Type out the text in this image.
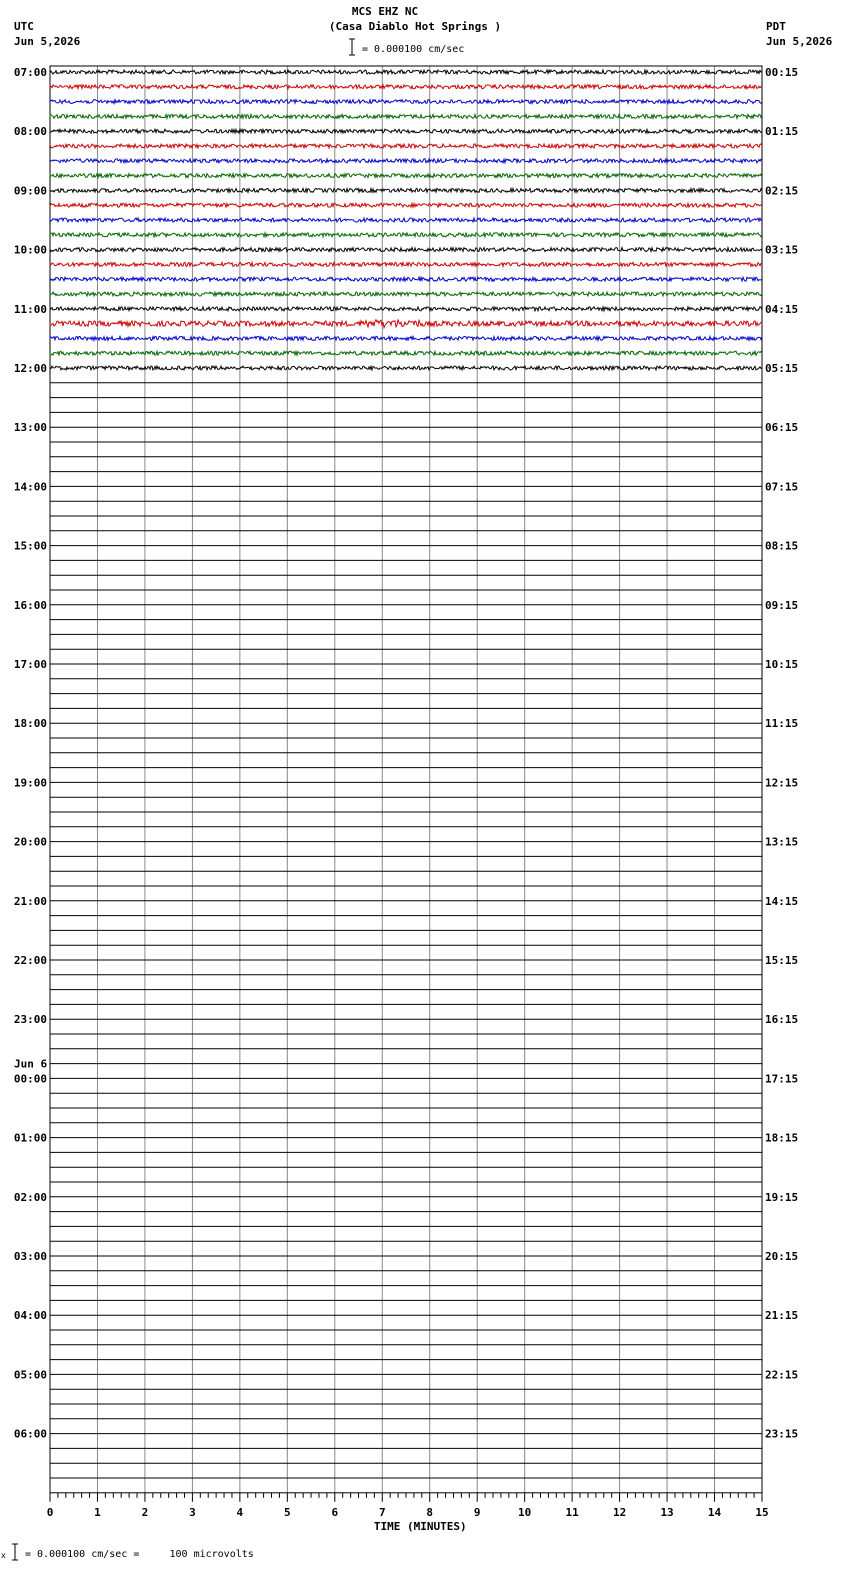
MCS EHZ NC
(Casa Diablo Hot Springs )
UTC
Jun 5,2026
PDT
Jun 5,2026
= 0.000100 cm/sec
07:00
08:00
09:00
10:00
11:00
12:00
13:00
14:00
15:00
16:00
17:00
18:00
19:00
20:00
21:00
22:00
23:00
00:00
01:00
02:00
03:00
04:00
05:00
06:00
00:15
01:15
02:15
03:15
04:15
05:15
06:15
07:15
08:15
09:15
10:15
11:15
12:15
13:15
14:15
15:15
16:15
17:15
18:15
19:15
20:15
21:15
22:15
23:15
Jun 6
0	1	2	3	4	5	6	7	8	9	10	11	12	13	14	15
TIME (MINUTES)
x = 0.000100 cm/sec =     100 microvolts
